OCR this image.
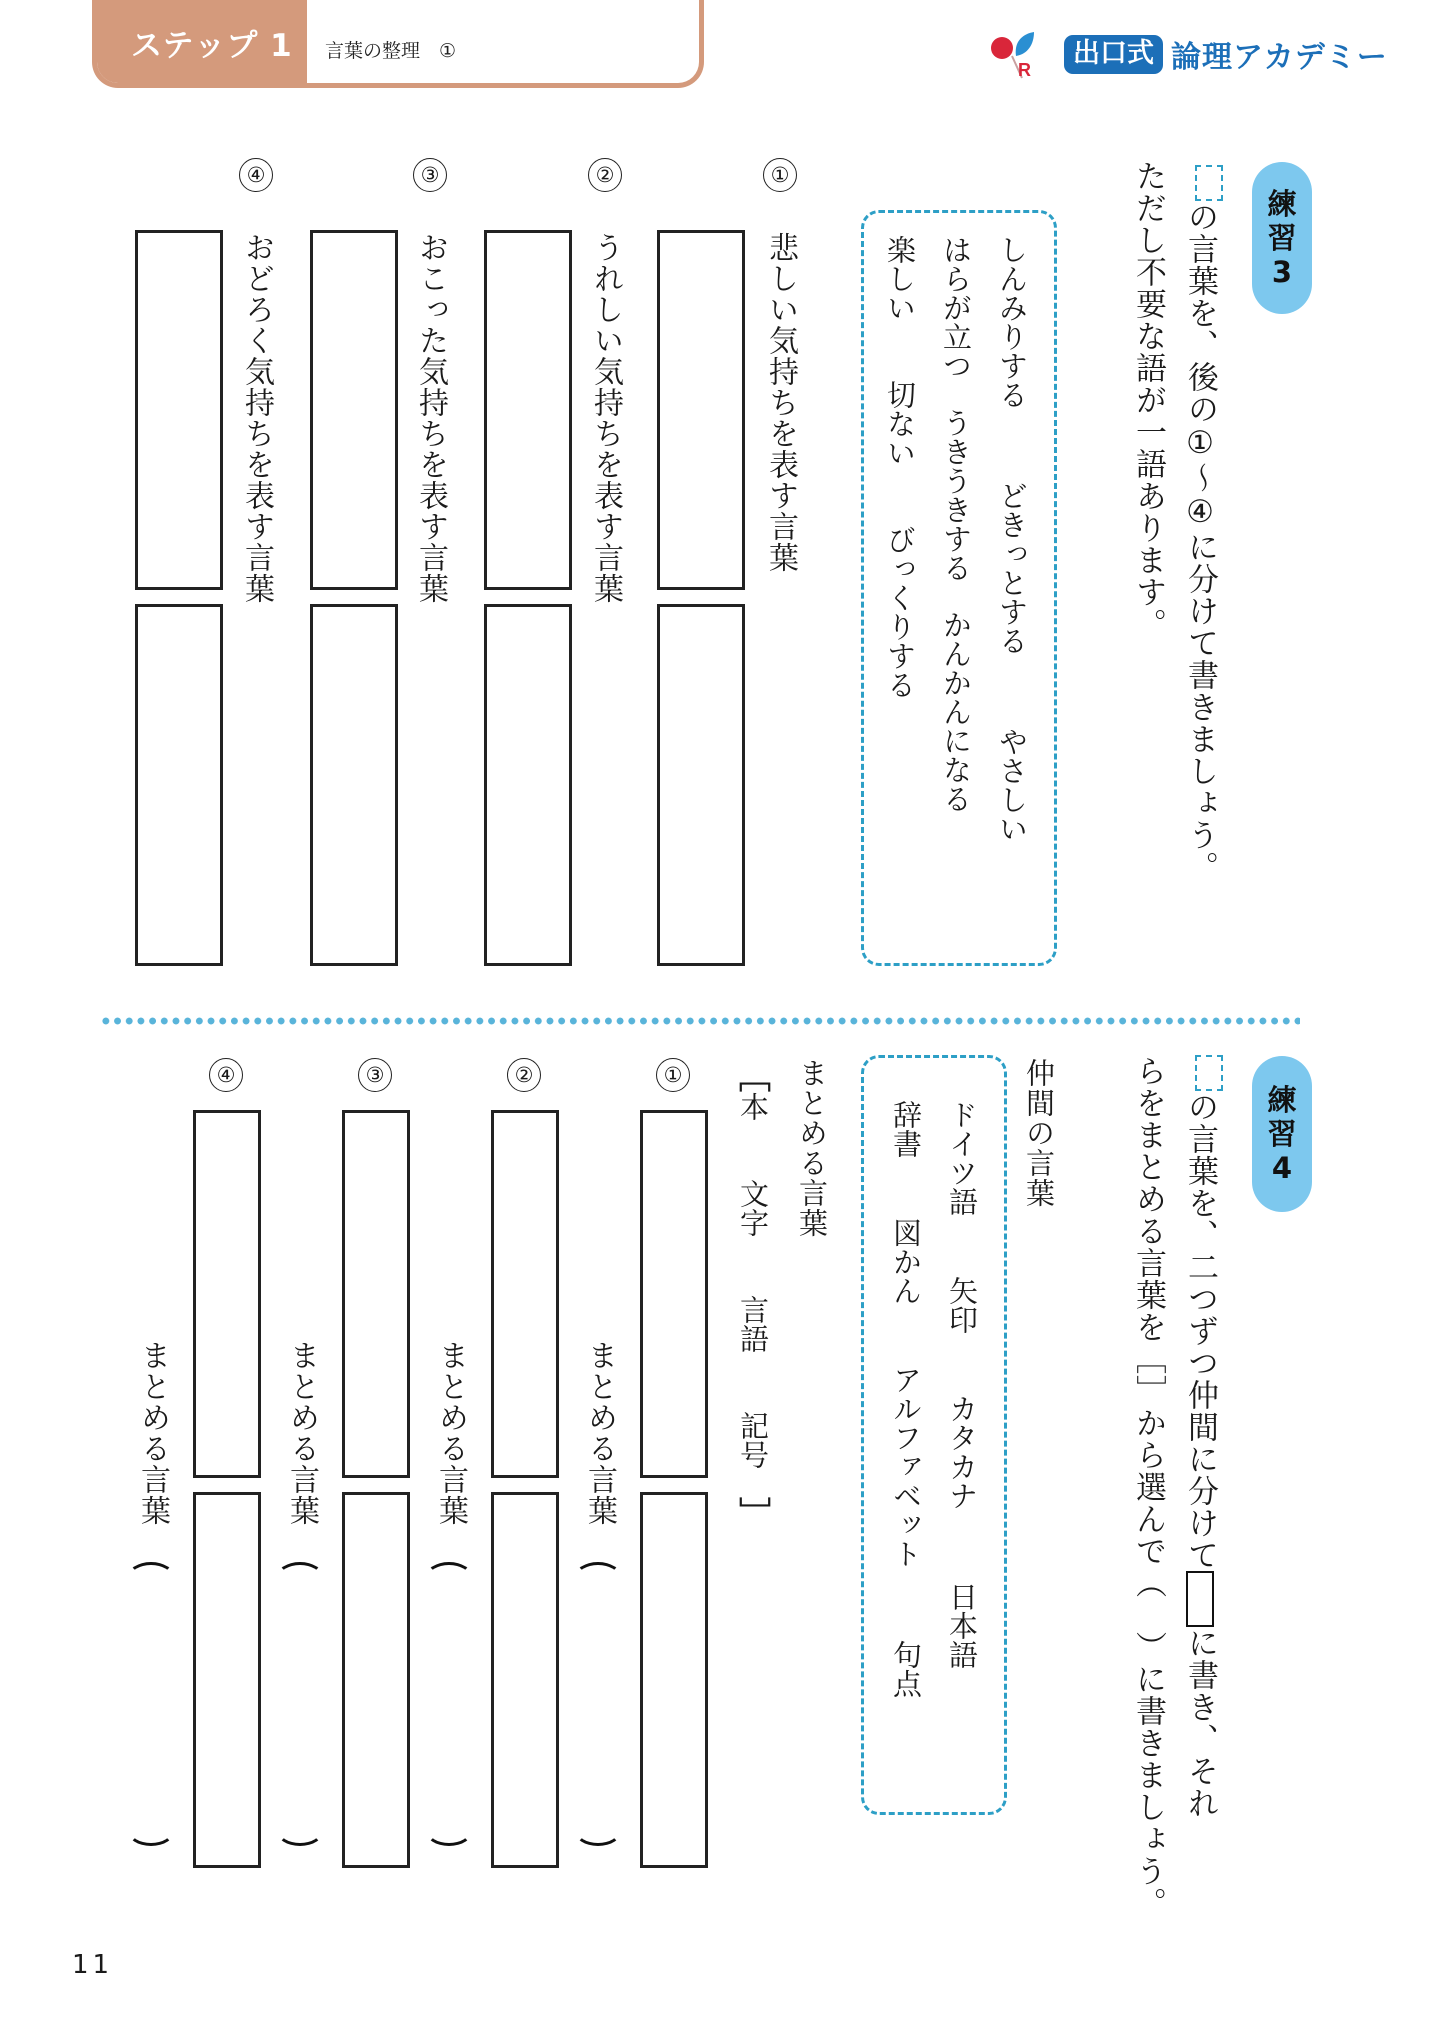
ステップ 1	言葉の整理　①
R
出口式 論理アカデミー
練
習
3
の言葉を、後の①〜④に分けて書きましょう。
ただし不要な語が一語あります。
しんみりするどきっとするやさしい
はらが立つうきうきするかんかんになる
楽しい切ないびっくりする
①
悲しい気持ちを表す言葉
②
うれしい気持ちを表す言葉
③
おこった気持ちを表す言葉
④
おどろく気持ちを表す言葉
練
習
4
の言葉を、二つずつ仲間に分けてに書き、それ
らをまとめる言葉を［］から選んで（　）に書きましょう。
仲間の言葉
ドイツ語矢印カタカナ日本語
辞書図かんアルファベット句点
まとめる言葉
［本文字言語記号］
①
まとめる言葉
②
まとめる言葉
③
まとめる言葉
④
まとめる言葉
11
